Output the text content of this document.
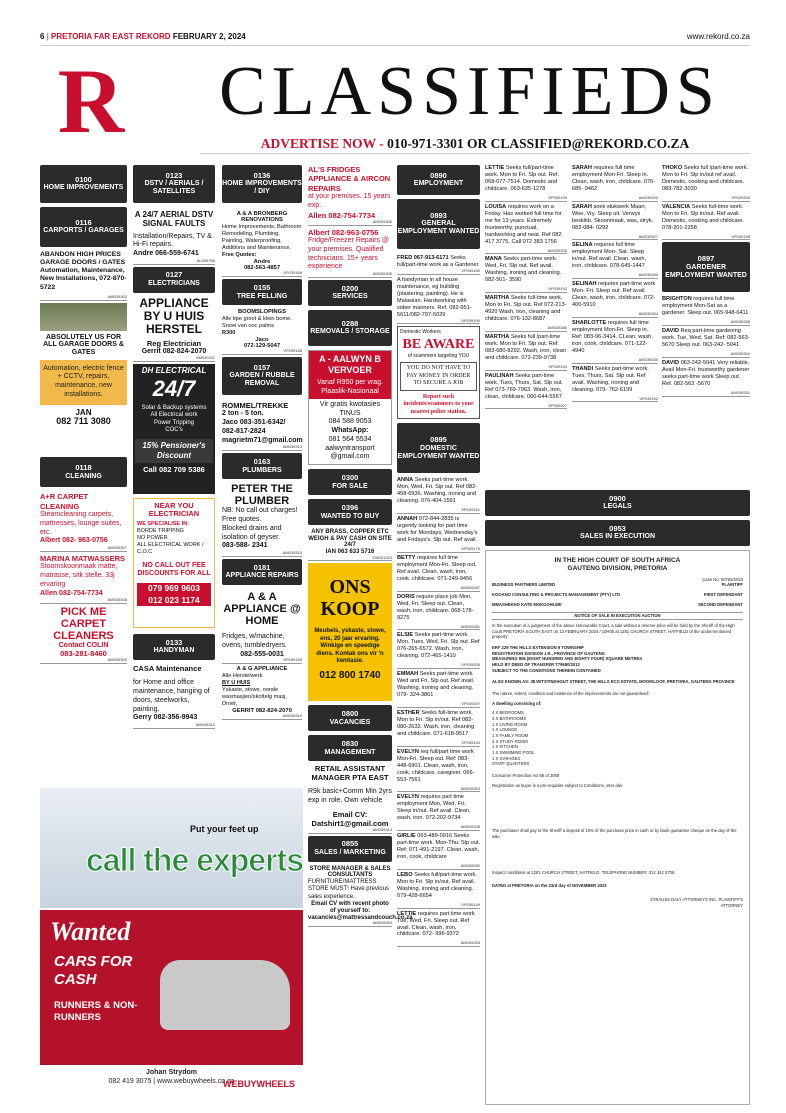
6 | PRETORIA FAR EAST REKORD FEBRUARY 2, 2024	www.rekord.co.za
R	CLASSIFIEDS
ADVERTISE NOW - 010-971-3301 OR CLASSIFIED@REKORD.CO.ZA
0100
HOME IMPROVEMENTS
0116
CARPORTS / GARAGES
ABANDON HIGH PRICES GARAGE DOORS / GATES Automation, Maintenance, New Installations, 072-870-5722
AM039302
ABSOLUTELY US FOR ALL GARAGE DOORS & GATES
Automation, electric fence + CCTV, repairs, maintenance, new installations.
JAN
082 711 3080
0118
CLEANING
A+R CARPET CLEANING
Steamcleaning carpets, mattresses, lounge suites, etc.
Albert 082- 963-0756
AM039307
MARINA MATWASSERS
Stoomskoonmaak matte, matrasse, sitk stelle. 33j ervaring
Allen 082-754-7734
AM039308
PICK ME CARPET CLEANERS
Contact COLIN
083-281-8460
AM039309
0123
DSTV / AERIALS / SATELLITES
A 24/7 AERIAL DSTV SIGNAL FAULTS
Installation/Repairs, TV & Hi-Fi repairs.
Andre 066-559-6741
AL006756
0127
ELECTRICIANS
APPLIANCE BY U HUIS HERSTEL
Reg Electrician
Gerrit 082-824-2070
AM039311
DH ELECTRICAL
24/7
Solar & Backup systems
All Electrical work
Power Tripping
COC's
15% Pensioner's Discount
Call 082 709 5386
NEAR YOU ELECTRICIAN
WE SPECIALISE IN:
BORDE TRIPPING
NO POWER
ALL ELECTRICAL WORK / C.O.C
NO CALL OUT FEE DISCOUNTS FOR ALL
079 969 9603
012 023 1174
0133
HANDYMAN
CASA Maintenance
for Home and office maintenance, hanging of doors, steelworks, painting.
Gerry 082-356-9943
AM039312
0136
HOME IMPROVEMENTS / DIY
A & A BRONBERG RENOVATIONS
Home Improvements, Bathroom Remodeling, Plumbing, Painting, Waterproofing, Additions and Maintenance.
Free Quotes:
Andre
082-563-4857
VP039169
0155
TREE FELLING
BOOMSLOPINGS
Alle tipe groot & klein bome. Snoei van ooc palms
R300
Jaco
072-129-5047
VP039168
0157
GARDEN / RUBBLE REMOVAL
ROMMEL/TREKKE
2 ton - 5 ton.
Jaco 083-351-6342/
082-817-2824
magrietm71@gmail.com
AM039313
0163
PLUMBERS
PETER THE PLUMBER
NB: No call out charges! Free quotes.
Blocked drains and isolation of geyser.
083-588- 2341
AM039315
0181
APPLIANCE REPAIRS
A & A APPLIANCE @ HOME
Fridges, w/machine, ovens, tumbledryers.
082-555-0031
VP039159
A & G APPLIANCE
Alle Herstelwerk
BY U HUIS
Yskaste, stowe, oonde wasmasjien/skottelg masj, Droër,
GERRIT 082-824-2070
AM039310
AL'S FRIDGES APPLIANCE & AIRCON REPAIRS
at your premises. 15 years exp.
Allen 082-754-7734
AM039306
Albert 082-963-0756
Fridge/Freezer Repairs @ your premises. Qualified technicians. 15+ years experience
AM039305
0200
SERVICES
0288
REMOVALS / STORAGE
A - AALWYN B VERVOER
Vanaf R950 per vrag.
Plaaslik-Nasionaal
Vir gratis kwotasies TINUS
084 588 9053
WhatsApp:
081 564 5534
aalwyntransport @gmail.com
0300
FOR SALE
0396
WANTED TO BUY
ANY BRASS, COPPER ETC WEIGH & PAY CASH ON SITE 24/7
IAN 063 633 5716
ZIA001323
ONS KOOP
Meubels, yskaste, stowe, ens, 20 jaar ervaring. Winkige en speedige diens. Kontak ons vir 'n kwotasie.
012 800 1740
0800
VACANCIES
0830
MANAGEMENT
RETAIL ASSISTANT MANAGER PTA EAST
R9k basic+Comm Min 2yrs exp in role, Own vehicle
Email CV: Datshirt1@gmail.com
AM039314
0855
SALES / MARKETING
STORE MANAGER & SALES CONSULTANTS
FURNITURE/MATTRESS STORE MUST! Have previous sales experience.
Email CV with recent photo of yourself to: vacancies@mattressandcouch.co.za
AM039304
0890
EMPLOYMENT
0893
GENERAL EMPLOYMENT WANTED
FRED 067-913-6171 Seeks full/part-time work as a Gardener.
VP039180
A handyman in all house maintenance, eg building (plastering, painting). He is Malawian. Hardworking with sober manners. Ref. 082-951-5611/082-797-5029
VP039190
Domestic Workers
BE AWARE
of scammers targeting YOU
YOU DO NOT HAVE TO PAY MONEY IN ORDER TO SECURE A JOB
Report such incidents/scammers to your nearest police station.
0895
DOMESTIC EMPLOYMENT WANTED
ANNA Seeks part-time work. Mon, Wed, Fri. Sip out. Ref 082-458-6936. Washing, ironing and cleaning. 076-404-1591
VP039161
ANNAH 072-844-2835 is urgently looking for part time work for Mondays, Wednesday's and Fridays's. Slp out. Ref avail.
VP039175
BETTY requires full time employment Mon-Fri. Sleep out. Ref avail. Clean, wash, iron, cook. childcare. 071-249-9456
AM039287
DORIS require place job Mon, Wed, Fri. Sleep out. Clean, wash, iron, childcare. 068-178- 9275
AM039281
ELSIE Seeks part-time work. Mon. Tues, Wed, Fri. Slp out. Ref 076-265-6572. Wash, iron, cleaning. 072-465-1410
VP039209
EMMAH Seeks part-time work. Wed and Fri. Slp out. Ref avail. Washing, ironing and cleaning. 079- 324-3861
VP039197
ESTHER Seeks full-time work. Mon to Fri. Slp in/out. Ref 082-080-2632. Wash, iron, cleaning and childcare. 071-618-9517
VP039144
EVELYN req full/part time work Mon-Fri. Sleep out. Ref: 083-448-6901. Clean, wash, iron, cook, childcare, caregiver. 066-553-7561
AM039303
EVELYN requires part time employment Mon, Wed, Fri. Sleep in/out. Ref avail. Clean, wash, iron. 072-202-9734
AM039328
GIRLIE 063-489-0916 Seeks part-time work. Mon-Thu. Slp out. Ref: 071-491-2197. Clean, wash, iron, cook, childcare
AM039290
LEBO Seeks full/part-time work. Mon to Fri. Slp in/out. Ref avail. Washing, ironing and cleaning. 079-428-6654
VP039149
LETTIE requires part time work Tue, Wed, Fri. Sleep out. Ref avail. Clean, wash, iron, childcare. 072- 996-9372
AM039333
LETTIE Seeks full/part-time work. Mon to Fri. Slp out. Ref. 068-077-7514. Domestic and childcare. 063-635-1278
VP039199
LOUISA requires work on a Friday. Has worked full time for me for 13 years. Extremely trustworthy, punctual, hardworking and neat. Ref 082 417 3775. Call 072 383 1756
AM039326
MANA Seeks part-time work. Wed, Fri. Slp out. Ref avail. Washing, ironing and cleaning. 082-501- 3590
VP039192
MARTHA Seeks full-time work. Mon to Fri. Slp out. Ref 072-213-4920 Wash, iron, cleaning and childcare. 076-132-8687
AM039286
MARTHA Seeks full /part-time work. Mon to Fri. Slp out. Ref. 083-680-8292. Wash, iron, clean and childcare. 072-239-9738
VP039193
PAULINAH Seeks part-time work. Tues, Thurs, Sat. Slp out. Ref 073-769-7963. Wash, iron, clean, childcare. 060-644-5567
VP039207
SARAH requires full time employment Mon-Fri. Sleep in. Clean, wash, iron, childcare. 076-685- 9462
AM039292
SARAH soek stukwerk Maan, Woe, Vry. Sleep uit. Verwys beskikb. Skoonmaak, was, stryk. 082-084- 0292
AM039327
SELINA requires full time employment Mon- Sat. Sleep in/out. Ref avail. Clean, wash, iron, childcare. 078-645-1447
AM039284
SELINAH requires part-time work Mon- Fri. Sleep out. Ref avail. Clean, wash, iron, childcare. 072-400-5910
AM039334
SHARLOTTE requires full time employment Mon-Fri. Sleep in. Ref: 083-96-3414. CLean, wash, iron, cook, childcare. 071-122-4940
AM039330
THANDI Seeks part-time work. Tues, Thurs, Sat. Slp out. Ref avail. Washing, ironing and cleaning. 079- 762-6199
VP039182
THOKO Seeks full /part-time work. Mon to Fri. Slp in/out ref avail. Domestic, cooking and childcare. 083-782-3030
VP039205
VALENCIA Seeks full-time work. Mon to Fri. Slp in/out. Ref avail. Domestic, cooking and childcare. 078-201-2258
VP039198
0897
GARDENER EMPLOYMENT WANTED
BRIGHTON requires full time employment Mon-Sat as a gardener. Sleep out. 065-948-6411
AM039288
DAVID Req part-time gardening work. Tue, Wed, Sat. Ref: 082-563-5670 Sleep out. 063-242- 5041
AM039304
DAVID 063-242-5041 Very reliable. Avail Mon-Fri. trustworthy gardener seeks part-time work Sleep out. Ref. 082-563 -5670
AM039331
0900
LEGALS
0953
SALES IN EXECUTION
IN THE HIGH COURT OF SOUTH AFRICA
GAUTENG DIVISION, PRETORIA
Case No: 50752/2023
BUSINESS PARTNERS LIMITED	PLAINTIFF
KGOANO CONSULTING & PROJECTS MANAGEMENT (PTY) LTD	FIRST DEFENDANT
MMASHEKHO KATE MOKGOHLWE	SECOND DEFENDANT
NOTICE OF SALE IN EXECUTION AUCTION
In the execution of a judgement of the above Honourable Court, a sale without a reserve price will be held by the Sheriff of the High Court PRETORIA SOUTH EAST on 13 FEBRUARY 2024 / 10H00 at 1281 CHURCH STREET, HATFIELD of the undermentioned property:
ERF 229 THE HILLS EXTENSION 9 TOWNSHIP
REGISTRATION DIVISION J.R., PROVINCE OF GAUTENG
MEASURING 806 (EIGHT HUNDRED AND EIGHTY FOUR) SQUARE METRES
HELD BY DEED OF TRANSFER T79580/2012
SUBJECT TO THE CONDITIONS THEREIN CONTAINED
ALSO KNOWN AS: 38 WITSTINKHOUT STREET, THE HILLS ECO ESTATE, MOOIKLOOF, PRETORIA, GAUTENG PROVINCE
The nature, extent, condition and existence of the improvements are not guaranteed:
A dwelling consisting of:
4 X BEDROOMS
4 X BATHROOMS
1 X LIVING ROOM
1 X LOUNGE
1 X FAMILY ROOM
2 X STUDY ROOM
1 X KITCHEN
1 X SWIMMING POOL
1 X GARAGES
STAFF QUARTERS
Consumer Protection Act 68 of 2008
Registration as buyer is a pre-requisite subject to Conditions, inter alia:
The purchaser shall pay to the Sheriff a deposit of 10% of the purchase price in cash or by bank guarantee cheque on the day of the sale.
Inspect conditions at 1281 CHURCH STREET, HATFIELD. TELEPHONE NUMBER: 012 342 0706.
DATED at PRETORIA on the 23rd day of NOVEMBER 2023
STRAUSS DALY ATTORNEYS INC. PLAINTIFF'S ATTORNEY
Put your feet up
call the experts
Wanted
CARS FOR CASH
RUNNERS & NON-RUNNERS
Johan Strydom
082 419 3075 | www.webuywheels.co.za
WEBUYWHEELS
